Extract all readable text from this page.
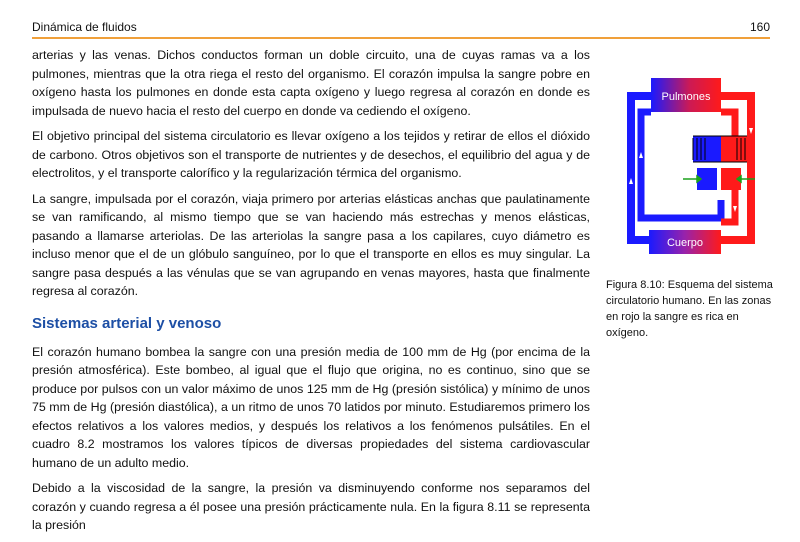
Dinámica de fluidos	160

arterias y las venas. Dichos conductos forman un doble circuito, una de cuyas ramas va a los pulmones, mientras que la otra riega el resto del organismo. El corazón impulsa la sangre pobre en oxígeno hasta los pulmones en donde esta capta oxígeno y luego regresa al corazón en donde es impulsada de nuevo hacia el resto del cuerpo en donde va cediendo el oxígeno.

El objetivo principal del sistema circulatorio es llevar oxígeno a los tejidos y retirar de ellos el dióxido de carbono. Otros objetivos son el transporte de nutrientes y de desechos, el equilibrio del agua y de electrolitos, y el transporte calorífico y la regularización térmica del organismo.

La sangre, impulsada por el corazón, viaja primero por arterias elásticas anchas que paulatinamente se van ramificando, al mismo tiempo que se van haciendo más estrechas y menos elásticas, pasando a llamarse arteriolas. De las arteriolas la sangre pasa a los capilares, cuyo diámetro es incluso menor que el de un glóbulo sanguíneo, por lo que el transporte en ellos es muy singular. La sangre pasa después a las vénulas que se van agrupando en venas mayores, hasta que finalmente regresa al corazón.

Sistemas arterial y venoso

El corazón humano bombea la sangre con una presión media de 100 mm de Hg (por encima de la presión atmosférica). Este bombeo, al igual que el flujo que origina, no es continuo, sino que se produce por pulsos con un valor máximo de unos 125 mm de Hg (presión sistólica) y mínimo de unos 75 mm de Hg (presión diastólica), a un ritmo de unos 70 latidos por minuto. Estudiaremos primero los efectos relativos a los valores medios, y después los relativos a los fenómenos pulsátiles. En el cuadro 8.2 mostramos los valores típicos de diversas propiedades del sistema cardiovascular humano de un adulto medio.

Debido a la viscosidad de la sangre, la presión va disminuyendo conforme nos separamos del corazón y cuando regresa a él posee una presión prácticamente nula. En la figura 8.11 se representa la presión

Pulmones
Cuerpo
Figura 8.10: Esquema del sistema circulatorio humano. En las zonas en rojo la sangre es rica en oxígeno.
